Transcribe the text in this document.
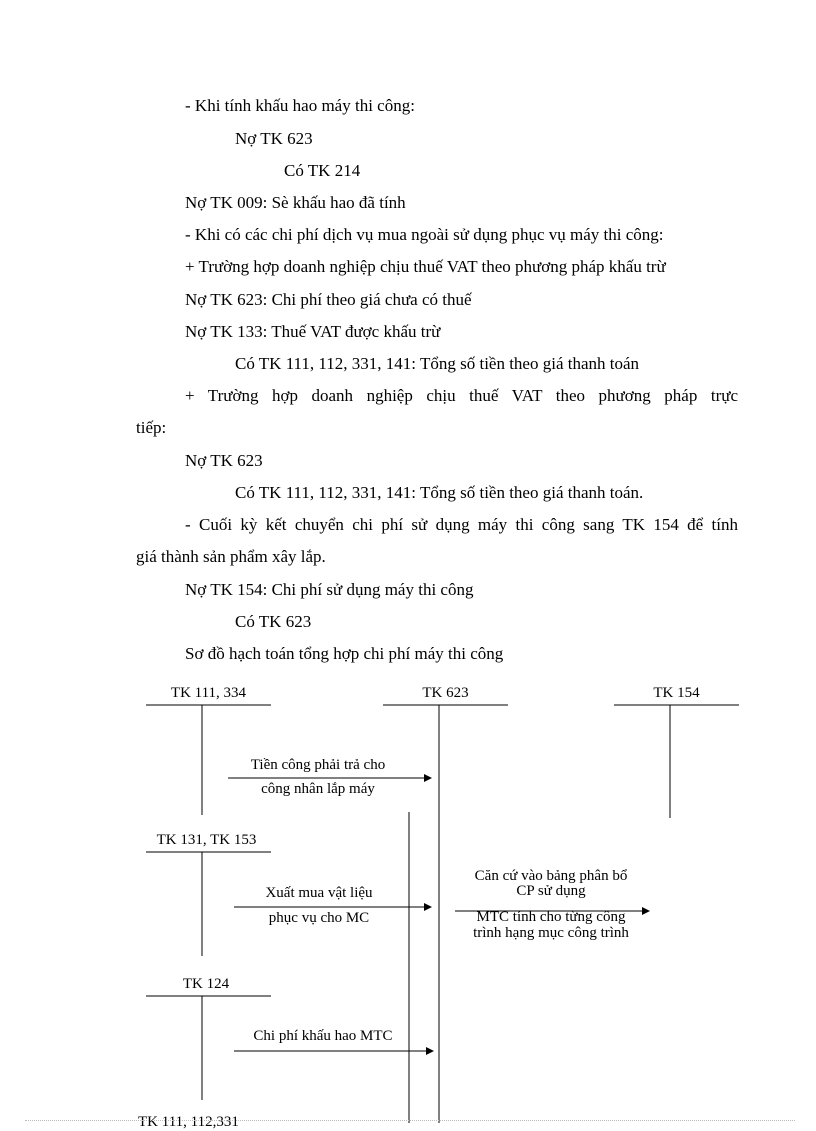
- Khi tính khấu hao máy thi công:
Nợ TK 623
Có TK 214
Nợ TK 009: Sè khấu hao đã tính
- Khi có các chi phí dịch vụ mua ngoài sử dụng phục vụ máy thi công:
+ Trường hợp doanh nghiệp chịu thuế VAT theo phương pháp khấu trừ
Nợ TK 623: Chi phí theo giá chưa có thuế
Nợ TK 133: Thuế VAT được khấu trừ
Có TK 111, 112, 331, 141: Tổng số tiền theo giá thanh toán
+ Trường hợp doanh nghiệp chịu thuế VAT theo phương pháp trực
tiếp:
Nợ TK 623
Có TK 111, 112, 331, 141: Tổng số tiền theo giá thanh toán.
- Cuối kỳ kết chuyển chi phí sử dụng máy thi công sang TK 154 để tính
giá thành sản phẩm xây lắp.
Nợ TK 154: Chi phí sử dụng máy thi công
Có TK 623
Sơ đồ hạch toán tổng hợp chi phí máy thi công
TK 111, 334	TK 623	TK 154
TK 131, TK 153
TK 124
TK 111, 112,331
Tiền công phải trả cho
công nhân lắp máy
Xuất mua vật liệu
phục vụ cho MC
Căn cứ vào bảng phân bổ
CP sử dụng
MTC tính cho từng công
trình hạng mục công trình
Chi phí khấu hao MTC
